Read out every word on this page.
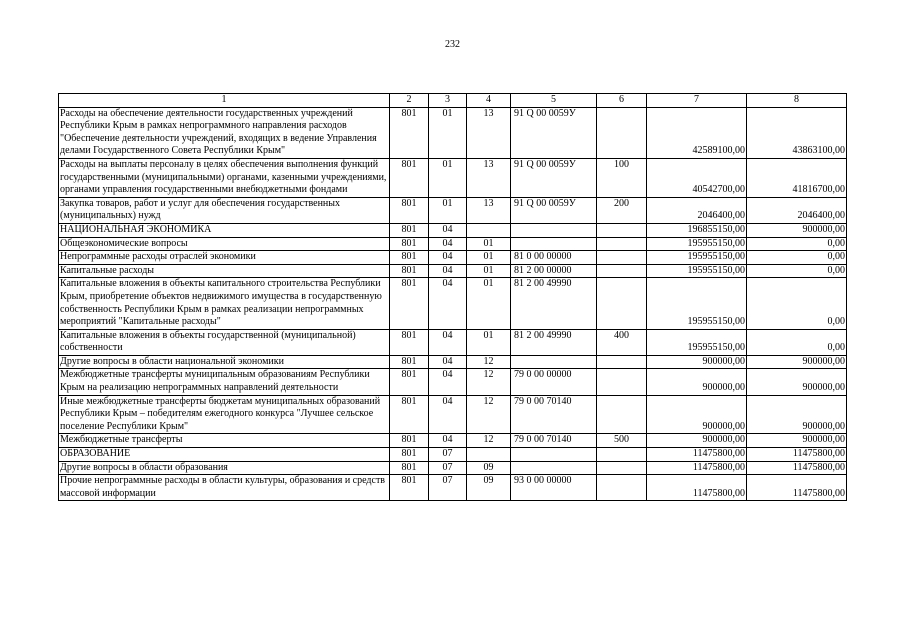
232
1	2	3	4	5	6	7	8
Расходы на обеспечение деятельности государственных учреждений Республики Крым в рамках непрограммного направления расходов "Обеспечение деятельности учреждений, входящих в ведение Управления делами Государственного Совета Республики Крым"	801	01	13	91 Q 00 0059У		42589100,00	43863100,00
Расходы на выплаты персоналу в целях обеспечения выполнения функций государственными (муниципальными) органами, казенными учреждениями, органами управления государственными внебюджетными фондами	801	01	13	91 Q 00 0059У	100	40542700,00	41816700,00
Закупка товаров, работ и услуг для обеспечения государственных (муниципальных) нужд	801	01	13	91 Q 00 0059У	200	2046400,00	2046400,00
НАЦИОНАЛЬНАЯ ЭКОНОМИКА	801	04				196855150,00	900000,00
Общеэкономические вопросы	801	04	01			195955150,00	0,00
Непрограммные расходы отраслей экономики	801	04	01	81 0 00 00000		195955150,00	0,00
Капитальные расходы	801	04	01	81 2 00 00000		195955150,00	0,00
Капитальные вложения в объекты капитального строительства Республики Крым, приобретение объектов недвижимого имущества в государственную собственность Республики Крым в рамках реализации непрограммных мероприятий "Капитальные расходы"	801	04	01	81 2 00 49990		195955150,00	0,00
Капитальные вложения в объекты государственной (муниципальной) собственности	801	04	01	81 2 00 49990	400	195955150,00	0,00
Другие вопросы в области национальной экономики	801	04	12			900000,00	900000,00
Межбюджетные трансферты муниципальным образованиям Республики Крым на реализацию непрограммных направлений деятельности	801	04	12	79 0 00 00000		900000,00	900000,00
Иные межбюджетные трансферты бюджетам муниципальных образований Республики Крым – победителям ежегодного конкурса "Лучшее сельское поселение Республики Крым"	801	04	12	79 0 00 70140		900000,00	900000,00
Межбюджетные трансферты	801	04	12	79 0 00 70140	500	900000,00	900000,00
ОБРАЗОВАНИЕ	801	07				11475800,00	11475800,00
Другие вопросы в области образования	801	07	09			11475800,00	11475800,00
Прочие непрограммные расходы в области культуры, образования и средств массовой информации	801	07	09	93 0 00 00000		11475800,00	11475800,00
